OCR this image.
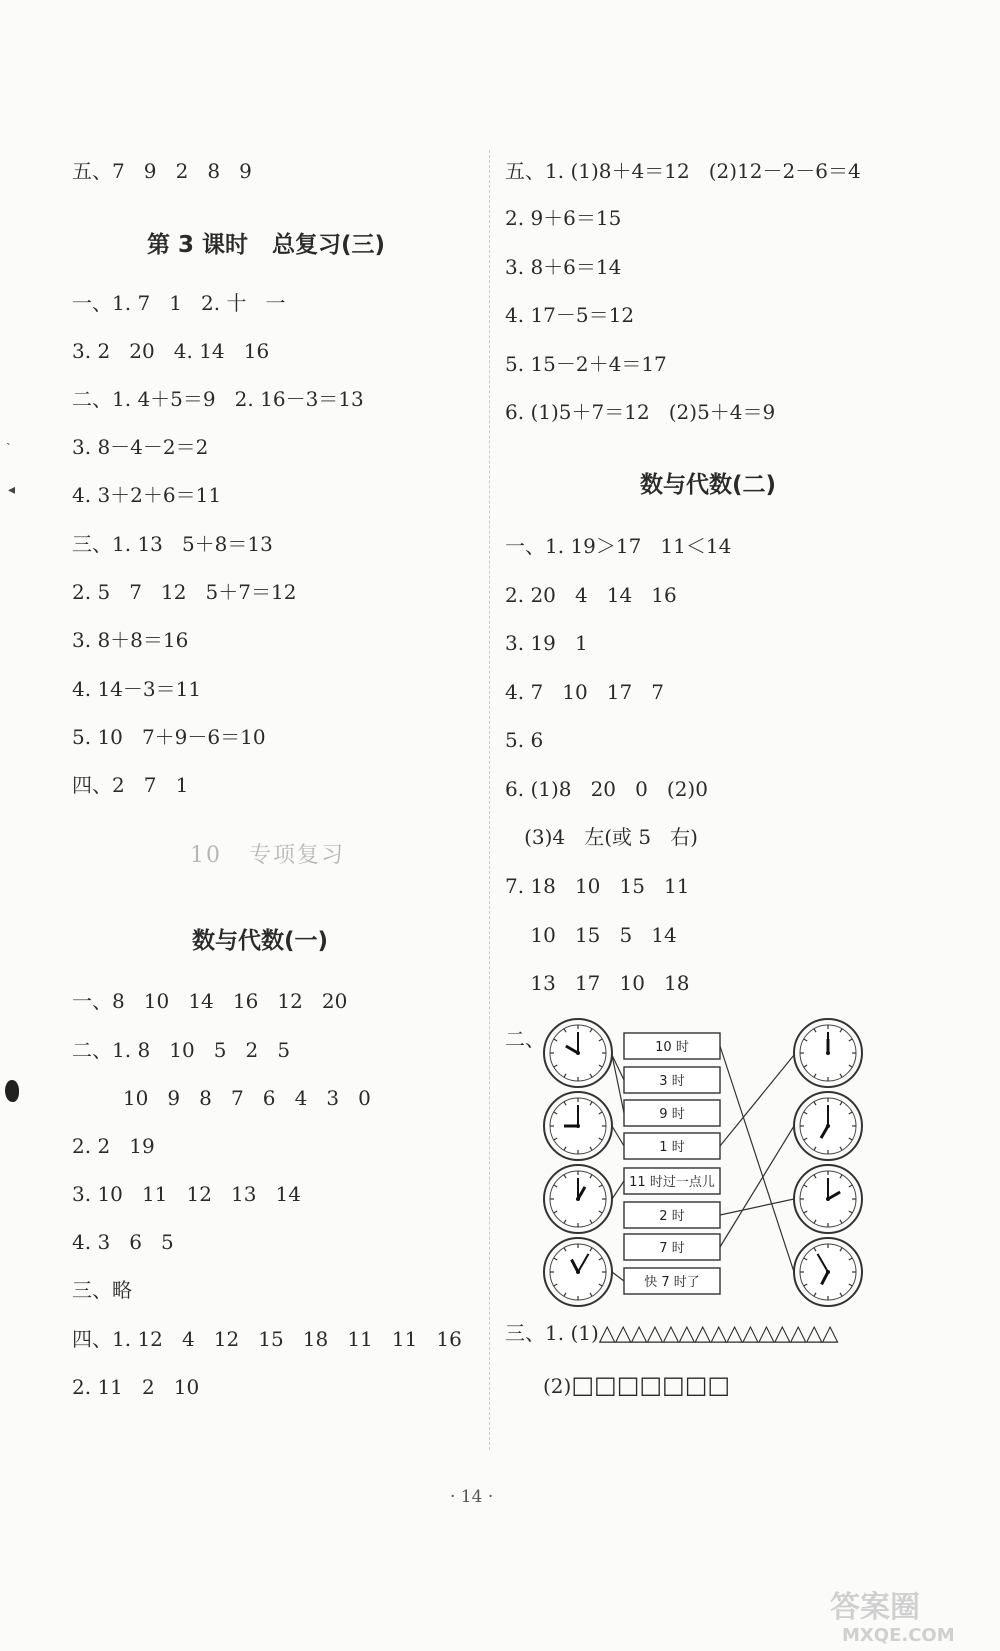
五、7   9   2   8   9
第 3 课时   总复习(三)
一、1. 7   1   2. 十   一
3. 2   20   4. 14   16
二、1. 4＋5＝9   2. 16－3＝13
3. 8－4－2＝2
4. 3＋2＋6＝11
三、1. 13   5＋8＝13
2. 5   7   12   5＋7＝12
3. 8＋8＝16
4. 14－3＝11
5. 10   7＋9－6＝10
四、2   7   1
10   专项复习
数与代数(一)
一、8   10   14   16   12   20
二、1. 8   10   5   2   5
10   9   8   7   6   4   3   0
2. 2   19
3. 10   11   12   13   14
4. 3   6   5
三、略
四、1. 12   4   12   15   18   11   11   16
2. 11   2   10
ˎ
◂
五、1. (1)8＋4＝12   (2)12－2－6＝4
2. 9＋6＝15
3. 8＋6＝14
4. 17－5＝12
5. 15－2＋4＝17
6. (1)5＋7＝12   (2)5＋4＝9
数与代数(二)
一、1. 19＞17   11＜14
2. 20   4   14   16
3. 19   1
4. 7   10   17   7
5. 6
6. (1)8   20   0   (2)0
(3)4   左(或 5   右)
7. 18   10   15   11
10   15   5   14
13   17   10   18
二、
三、1. (1)△△△△△△△△△△△△△△△
(2)□□□□□□□
10 时
3 时
9 时
1 时
11 时过一点儿
2 时
7 时
快 7 时了
· 14 ·
答案圈
MXQE.COM
